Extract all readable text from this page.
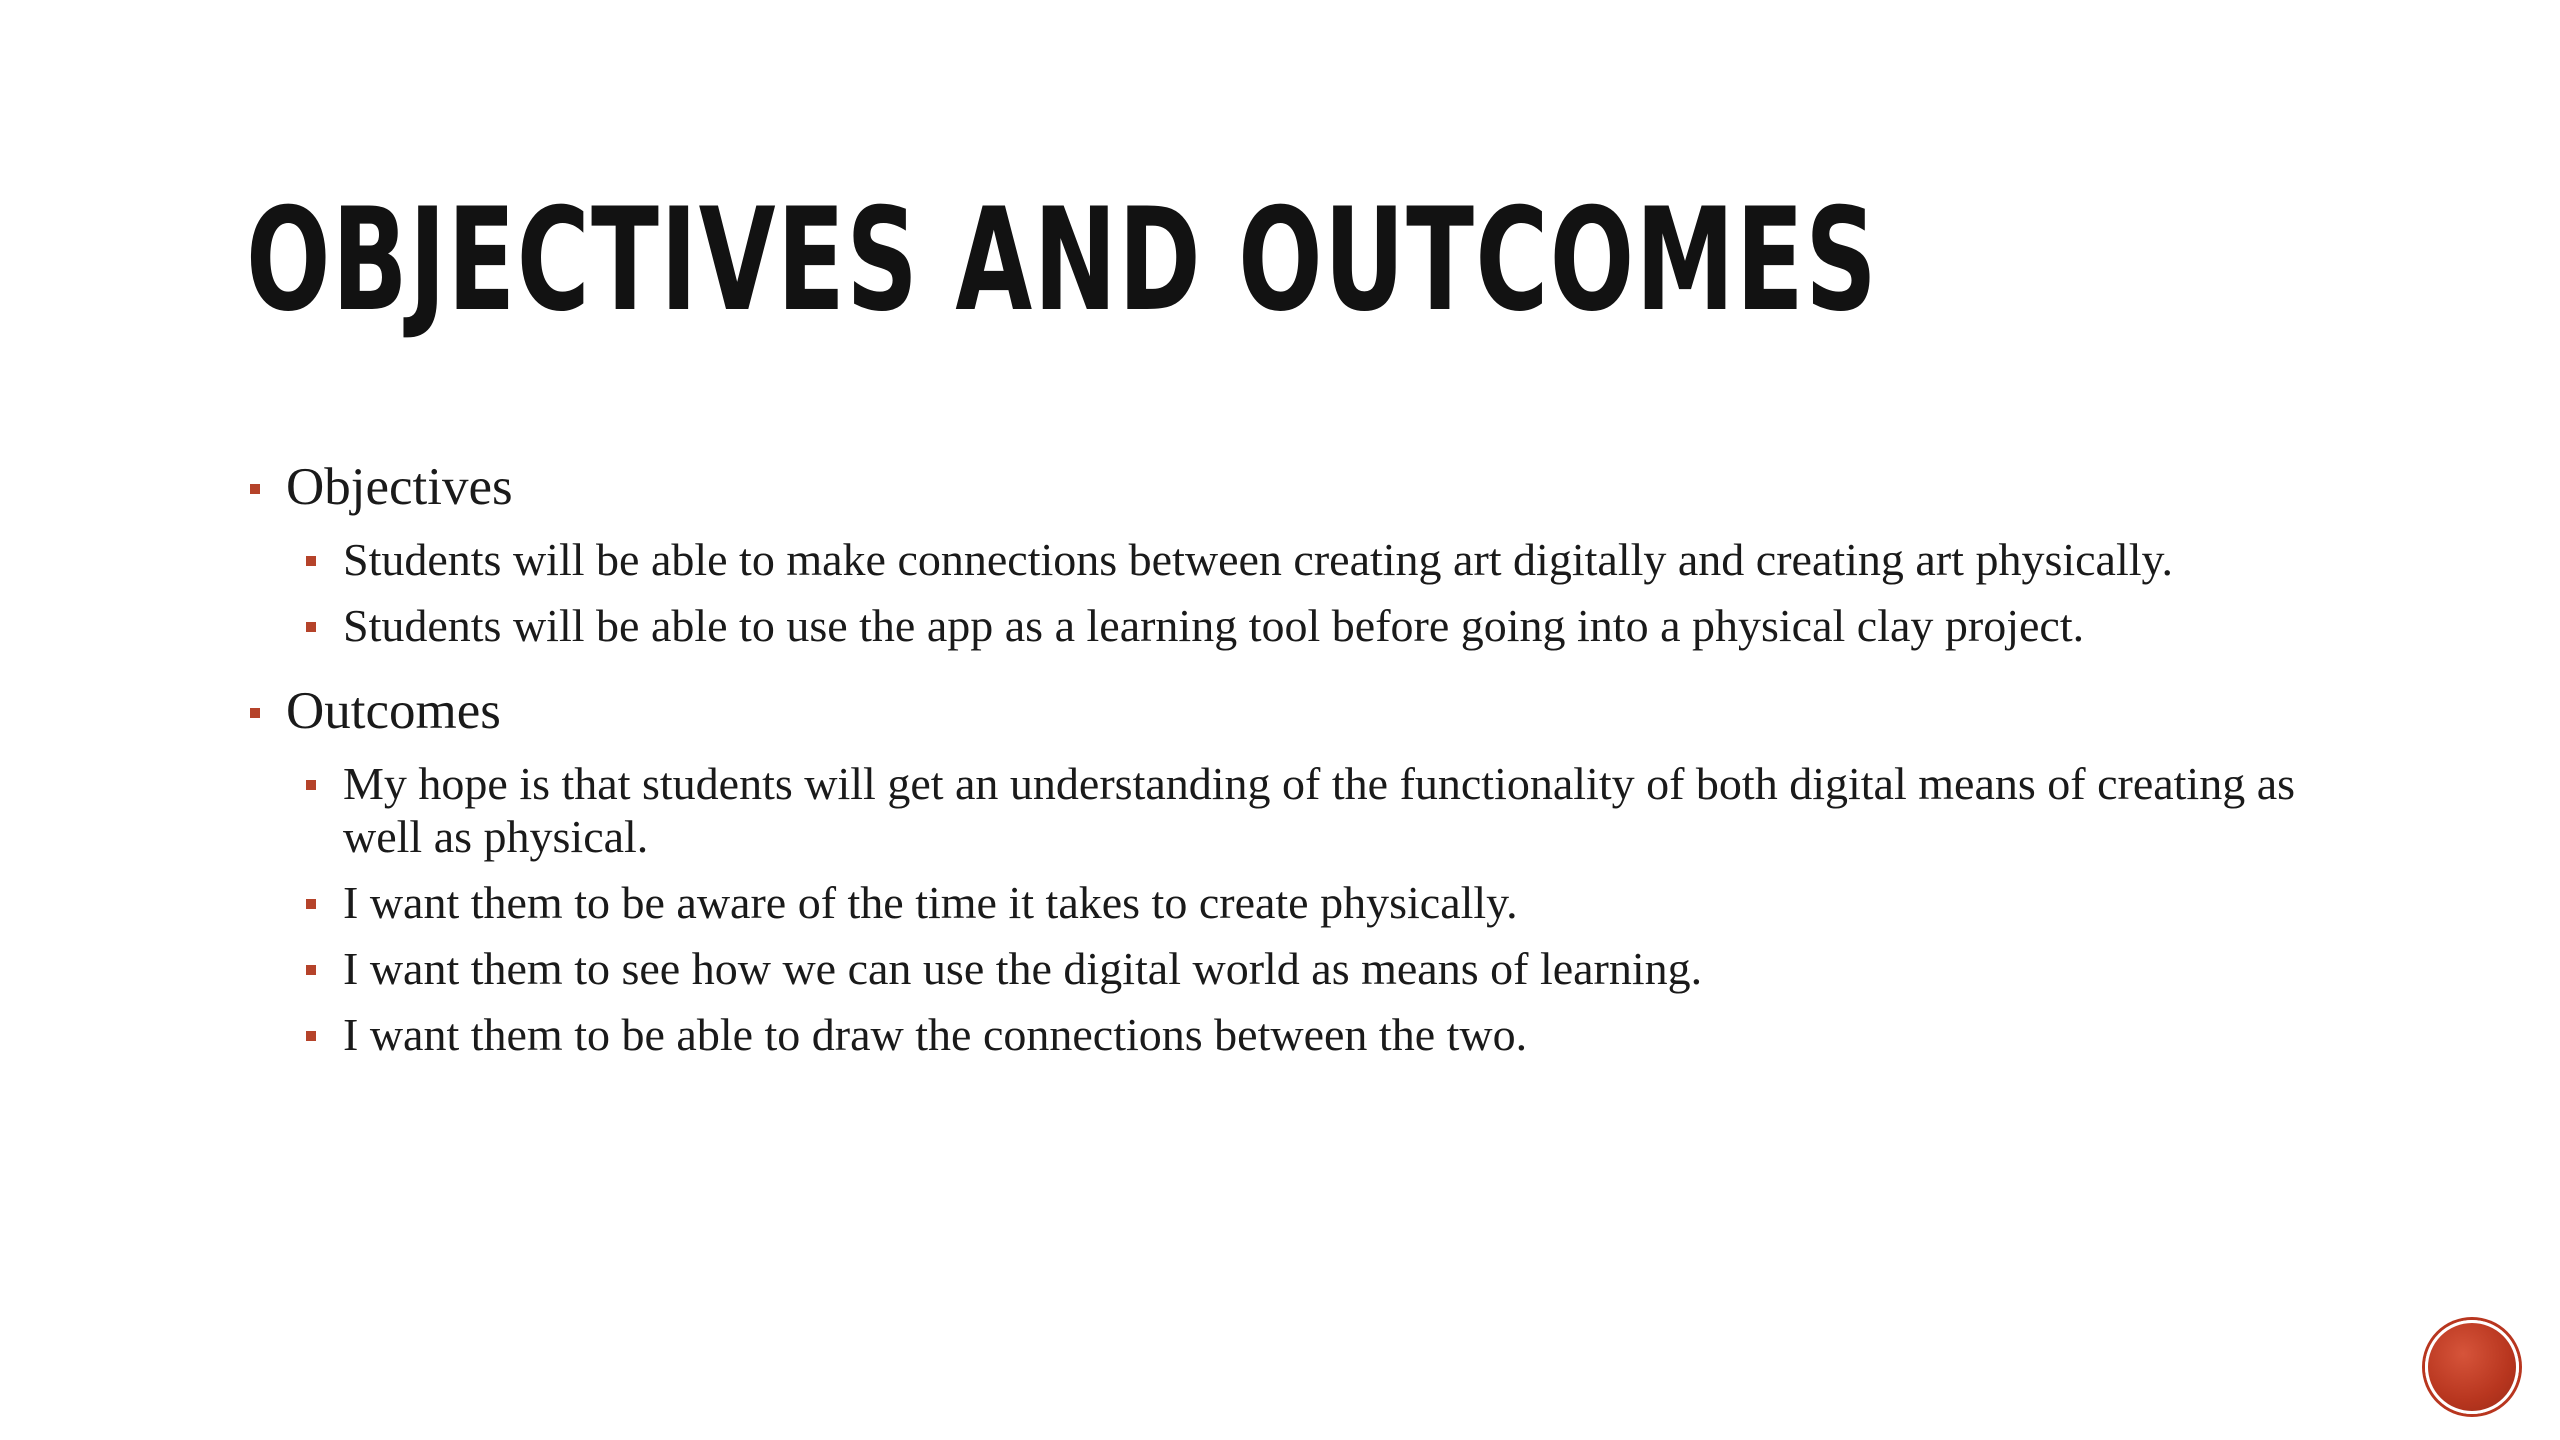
OBJECTIVES AND OUTCOMES
Objectives
Students will be able to make connections between creating art digitally and creating art physically.
Students will be able to use the app as a learning tool before going into a physical clay project.
Outcomes
My hope is that students will get an understanding of the functionality of both digital means of creating as well as physical.
I want them to be aware of the time it takes to create physically.
I want them to see how we can use the digital world as means of learning.
I want them to be able to draw the connections between the two.
